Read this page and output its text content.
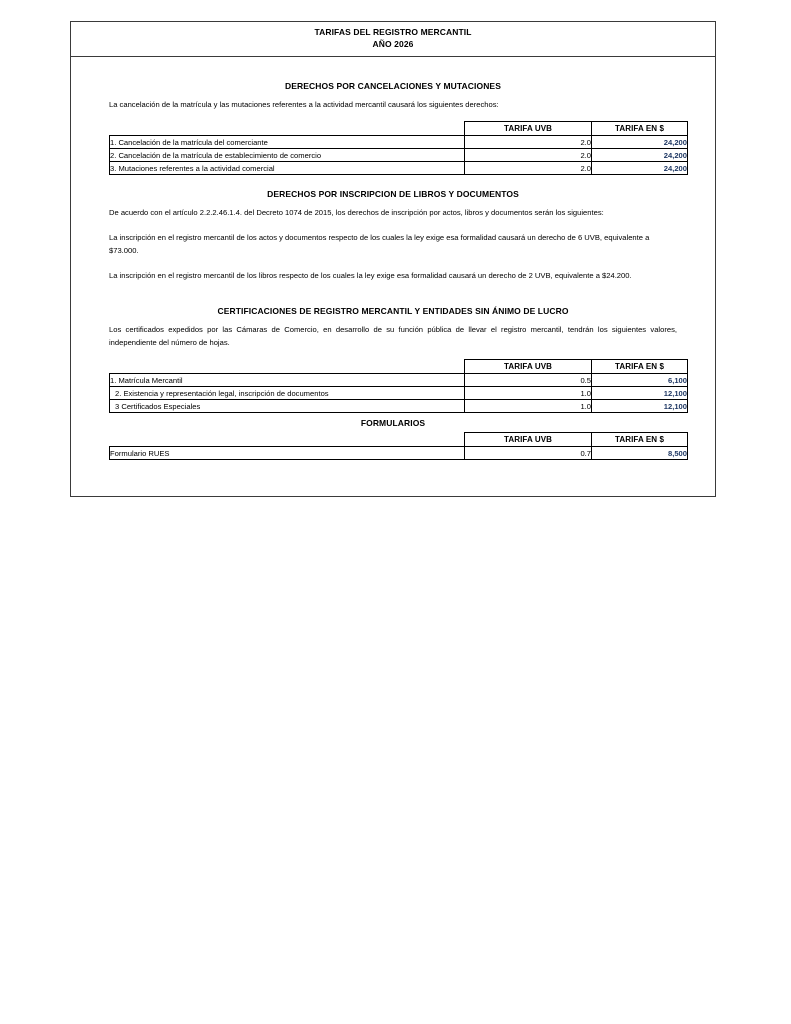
TARIFAS DEL REGISTRO MERCANTIL
AÑO 2026
DERECHOS POR CANCELACIONES Y MUTACIONES

La cancelación de la matrícula y las mutaciones referentes a la actividad mercantil causará los siguientes derechos:

	TARIFA UVB	TARIFA EN $
1. Cancelación de la matrícula del comerciante	2.0	24,200
2. Cancelación de la matrícula de establecimiento de comercio	2.0	24,200
3. Mutaciones referentes a la actividad comercial	2.0	24,200
DERECHOS POR INSCRIPCION DE LIBROS Y DOCUMENTOS

De acuerdo con el artículo 2.2.2.46.1.4. del Decreto 1074 de 2015, los derechos de inscripción por actos, libros y documentos serán los siguientes:

La inscripción en el registro mercantil de los actos y documentos respecto de los cuales la ley exige esa formalidad causará un derecho de 6 UVB, equivalente a $73.000.

La inscripción en el registro mercantil de los libros respecto de los cuales la ley exige esa formalidad causará un derecho de 2 UVB, equivalente a $24.200.

CERTIFICACIONES DE REGISTRO MERCANTIL Y ENTIDADES SIN ÁNIMO DE LUCRO

Los certificados expedidos por las Cámaras de Comercio, en desarrollo de su función pública de llevar el registro mercantil, tendrán los siguientes valores, independiente del número de hojas.

	TARIFA UVB	TARIFA EN $
1. Matrícula Mercantil	0.5	6,100
2. Existencia y representación legal, inscripción de documentos	1.0	12,100
3 Certificados Especiales	1.0	12,100
FORMULARIOS
	TARIFA UVB	TARIFA EN $
Formulario RUES	0.7	8,500
